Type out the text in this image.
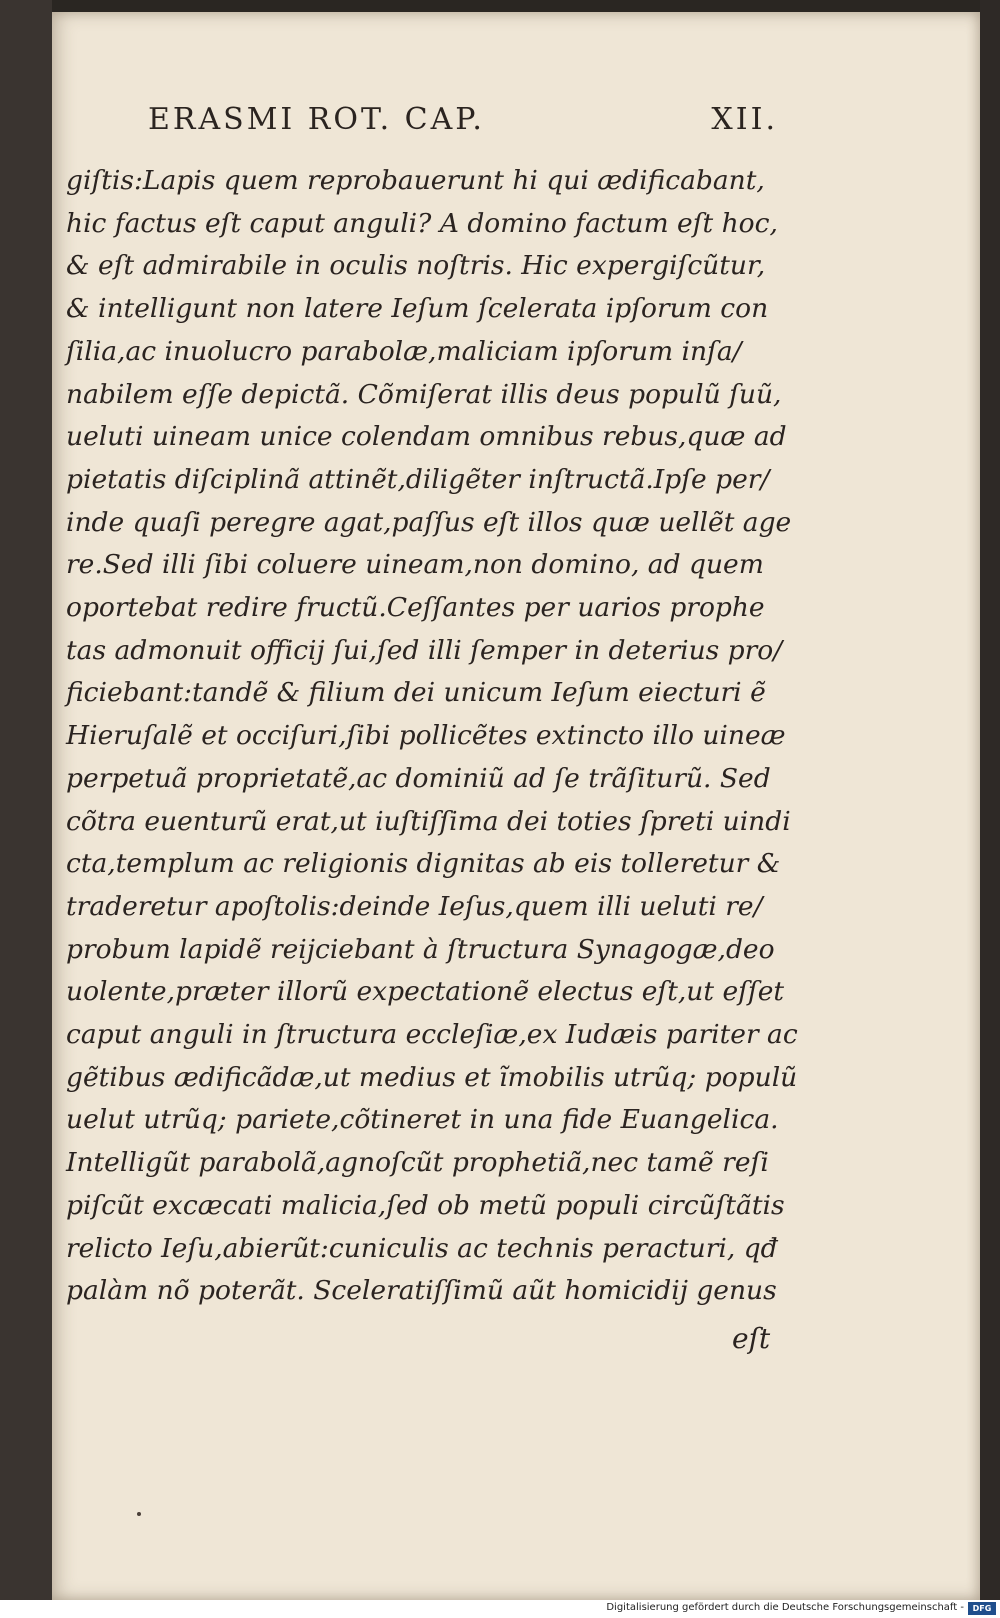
ERASMI ROT. CAP.	XII.
giſtis:Lapis quem reprobauerunt hi qui ædificabant,
hic factus eſt caput anguli? A domino factum eſt hoc,
& eſt admirabile in oculis noſtris. Hic expergiſcũtur,
& intelligunt non latere Ieſum ſcelerata ipſorum con
ſilia,ac inuolucro parabolæ,maliciam ipſorum inſa/
nabilem eſſe depictã. Cõmiſerat illis deus populũ ſuũ,
ueluti uineam unice colendam omnibus rebus,quæ ad
pietatis diſciplinã attinẽt,diligẽter inſtructã.Ipſe per/
inde quaſi peregre agat,paſſus eſt illos quæ uellẽt age
re.Sed illi ſibi coluere uineam,non domino, ad quem
oportebat redire fructũ.Ceſſantes per uarios prophe
tas admonuit officij ſui,ſed illi ſemper in deterius pro/
ficiebant:tandẽ & filium dei unicum Ieſum eiecturi ẽ
Hieruſalẽ et occiſuri,ſibi pollicẽtes extincto illo uineæ
perpetuã proprietatẽ,ac dominiũ ad ſe trãſiturũ. Sed
cõtra euenturũ erat,ut iuſtiſſima dei toties ſpreti uindi
cta,templum ac religionis dignitas ab eis tolleretur &
traderetur apoſtolis:deinde Ieſus,quem illi ueluti re/
probum lapidẽ reijciebant à ſtructura Synagogæ,deo
uolente,præter illorũ expectationẽ electus eſt,ut eſſet
caput anguli in ſtructura eccleſiæ,ex Iudæis pariter ac
gẽtibus ædificãdæ,ut medius et ĩmobilis utrũq; populũ
uelut utrũq; pariete,cõtineret in una fide Euangelica.
Intelligũt parabolã,agnoſcũt prophetiã,nec tamẽ reſi
piſcũt excæcati malicia,ſed ob metũ populi circũſtãtis
relicto Ieſu,abierũt:cuniculis ac technis peracturi, qđ
palàm nõ poterãt. Sceleratiſſimũ aũt homicidij genus
eſt
Digitalisierung gefördert durch die Deutsche Forschungsgemeinschaft -	DFG
